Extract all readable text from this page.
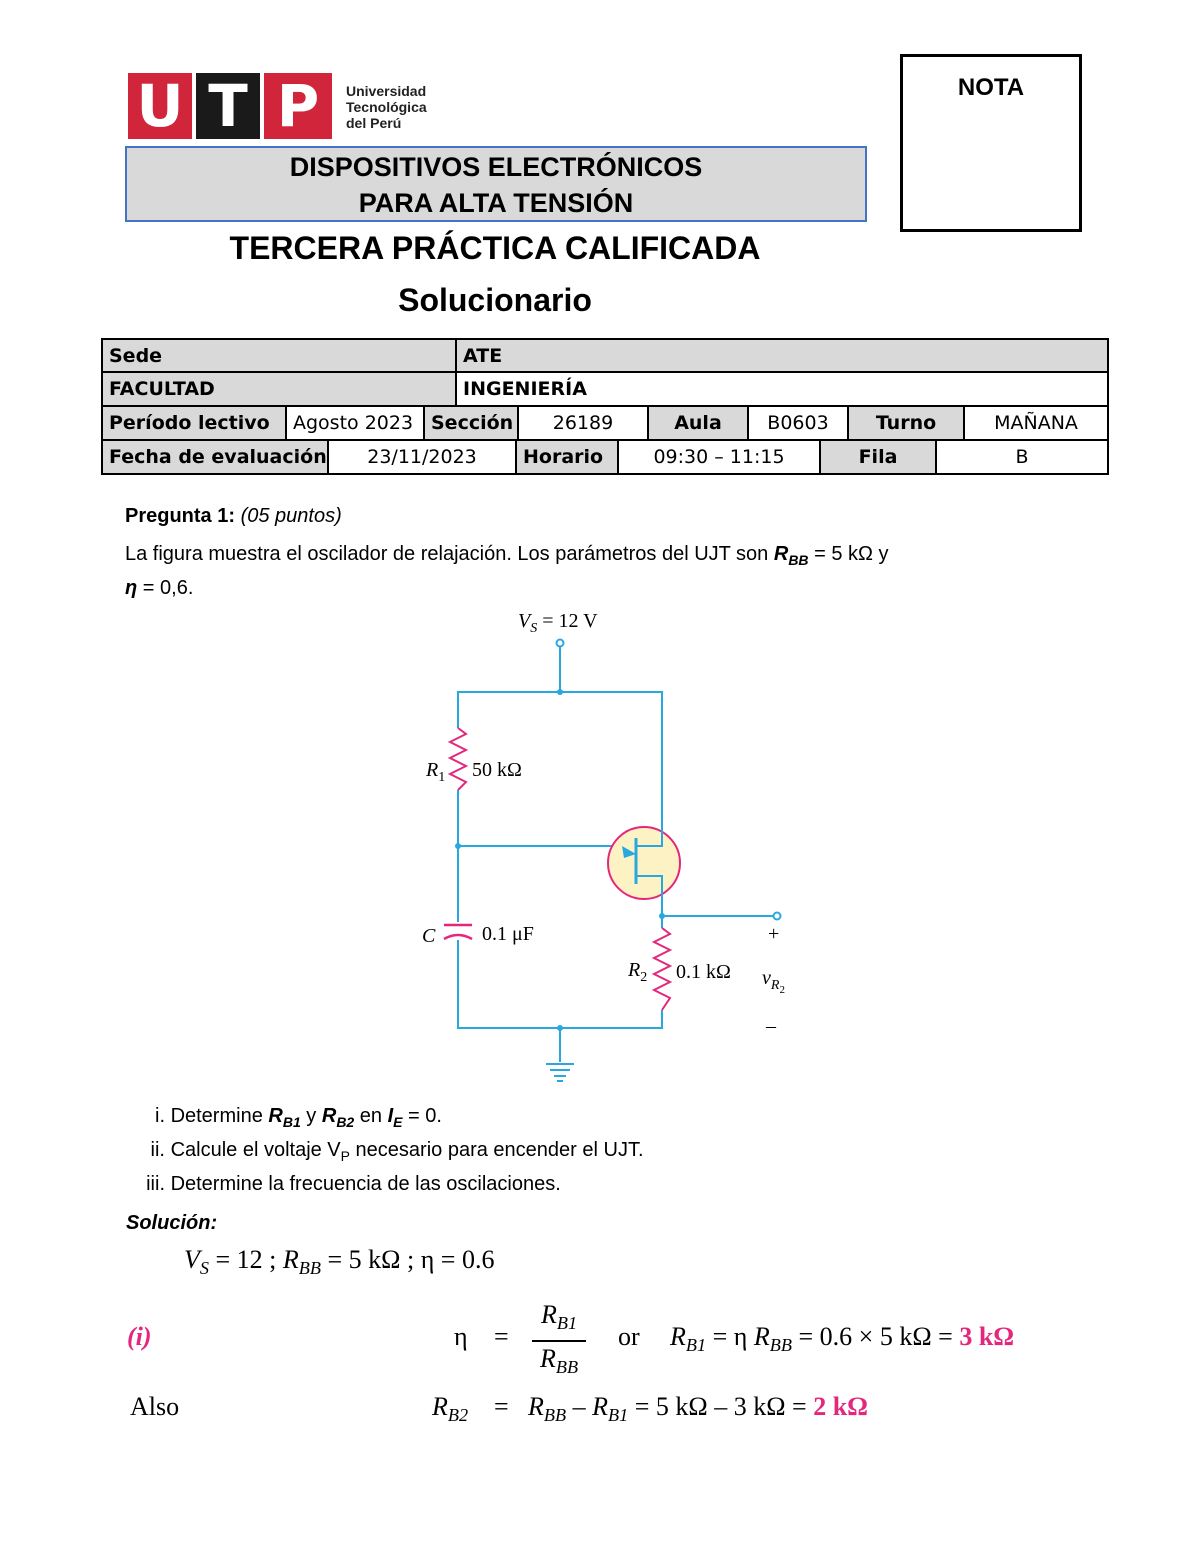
U T P	Universidad
Tecnológica
del Perú
DISPOSITIVOS ELECTRÓNICOS
PARA ALTA TENSIÓN
NOTA
TERCERA PRÁCTICA CALIFICADA
Solucionario
Sede	ATE
FACULTAD	INGENIERÍA
Período lectivo	Agosto 2023 Sección	26189	Aula	B0603	Turno	MAÑANA
Fecha de evaluación	23/11/2023	Horario	09:30 – 11:15	Fila	B
Pregunta 1: (05 puntos)
La figura muestra el oscilador de relajación. Los parámetros del UJT son $R_{BB} = 5$ kΩ y
η = 0,6.
$V_S = 12$ V
$R_1$ 50 kΩ
C 0.1 μF
$R_2$ 0.1 kΩ
+
$v_{R2}$
–
i. Determine $R_{B1}$ y $R_{B2}$ en $I_E = 0$.
ii. Calcule el voltaje $V_P$ necesario para encender el UJT.
iii. Determine la frecuencia de las oscilaciones.
Solución:
$V_S = 12$ ; $R_{BB} = 5$ kΩ ; η = 0.6
(i)	η =
$R_{B1}$
$R_{BB}$
or $R_{B1} = \eta$ $R_{BB} = 0.6 \times 5$ kΩ = 3 kΩ
Also	$R_{B2} = R_{BB} - R_{B1} = 5$ kΩ – 3 kΩ = 2 kΩ
